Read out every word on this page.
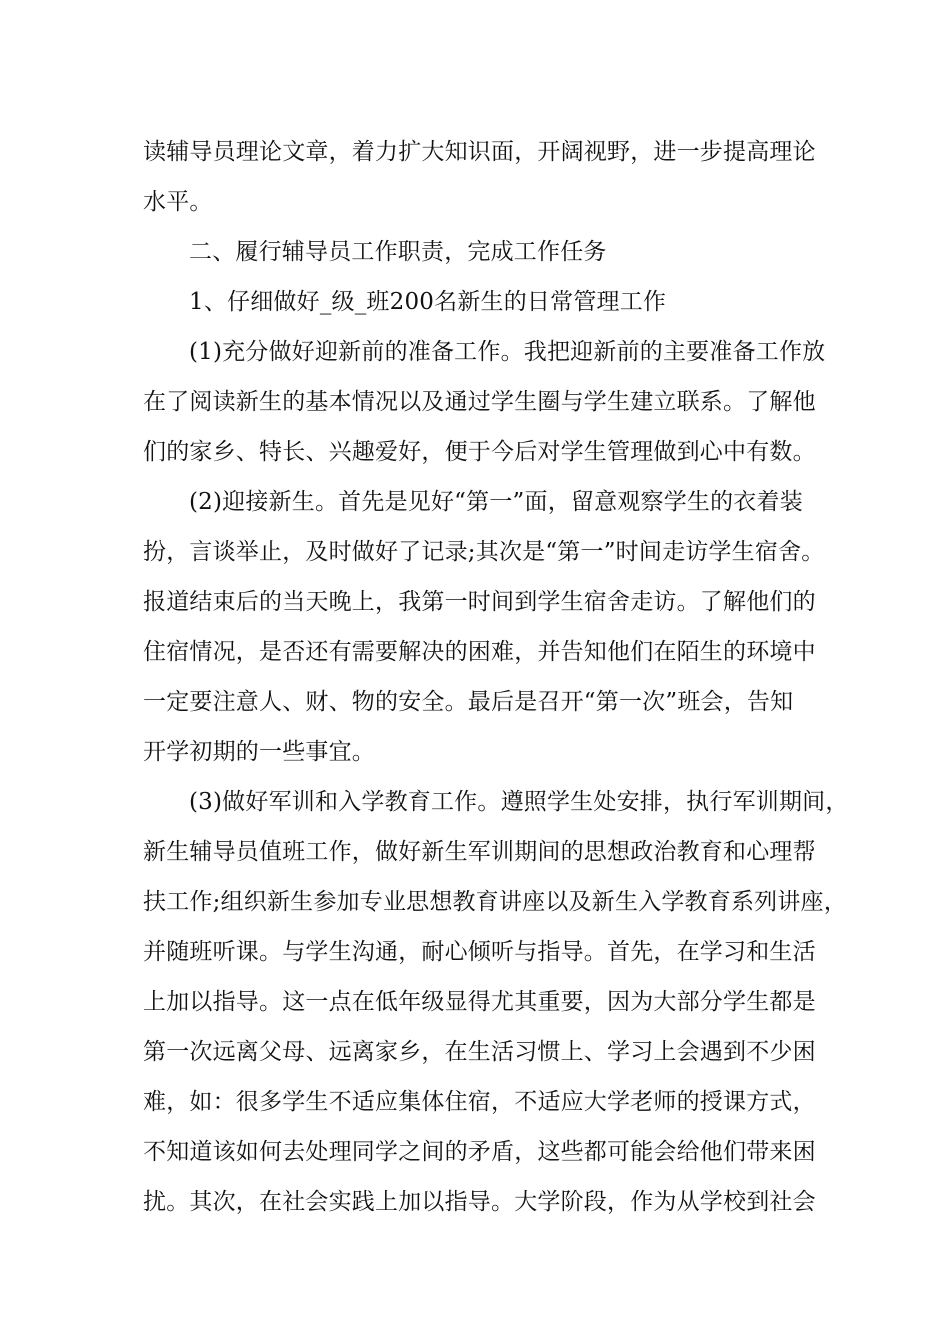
读辅导员理论文章，着力扩大知识面，开阔视野，进一步提高理论
水平。
二、履行辅导员工作职责，完成工作任务
1、仔细做好_级_班200名新生的日常管理工作
(1)充分做好迎新前的准备工作。我把迎新前的主要准备工作放
在了阅读新生的基本情况以及通过学生圈与学生建立联系。了解他
们的家乡、特长、兴趣爱好，便于今后对学生管理做到心中有数。
(2)迎接新生。首先是见好“第一”面，留意观察学生的衣着装
扮，言谈举止，及时做好了记录;其次是“第一”时间走访学生宿舍。
报道结束后的当天晚上，我第一时间到学生宿舍走访。了解他们的
住宿情况，是否还有需要解决的困难，并告知他们在陌生的环境中
一定要注意人、财、物的安全。最后是召开“第一次”班会，告知
开学初期的一些事宜。
(3)做好军训和入学教育工作。遵照学生处安排，执行军训期间，
新生辅导员值班工作，做好新生军训期间的思想政治教育和心理帮
扶工作;组织新生参加专业思想教育讲座以及新生入学教育系列讲座，
并随班听课。与学生沟通，耐心倾听与指导。首先，在学习和生活
上加以指导。这一点在低年级显得尤其重要，因为大部分学生都是
第一次远离父母、远离家乡，在生活习惯上、学习上会遇到不少困
难，如：很多学生不适应集体住宿，不适应大学老师的授课方式，
不知道该如何去处理同学之间的矛盾，这些都可能会给他们带来困
扰。其次，在社会实践上加以指导。大学阶段，作为从学校到社会
